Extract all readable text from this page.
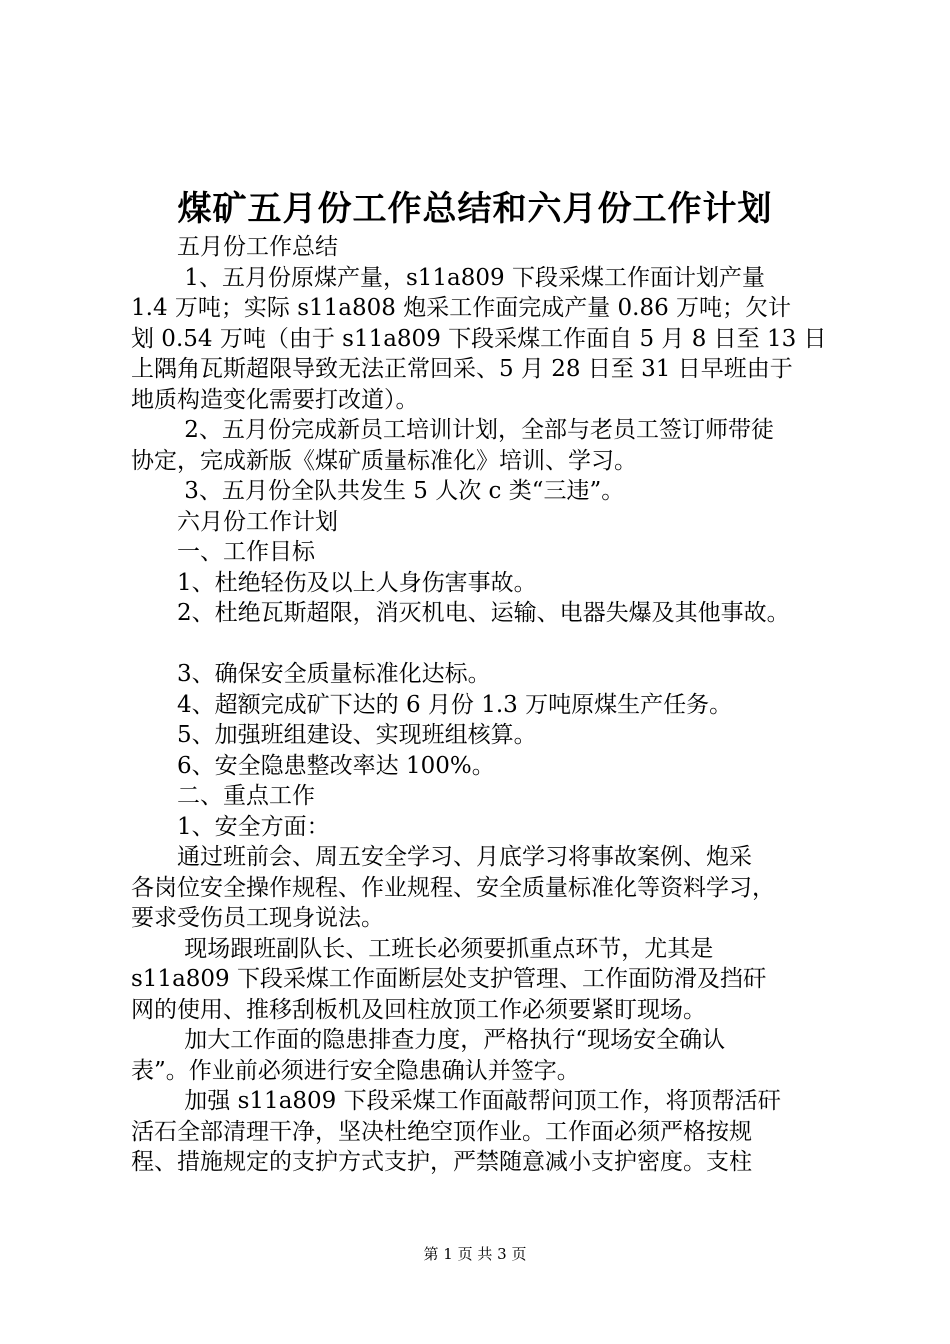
煤矿五月份工作总结和六月份工作计划
　　五月份工作总结
　　 1、五月份原煤产量，s11a809 下段采煤工作面计划产量
1.4 万吨；实际 s11a808 炮采工作面完成产量 0.86 万吨；欠计
划 0.54 万吨（由于 s11a809 下段采煤工作面自 5 月 8 日至 13 日
上隅角瓦斯超限导致无法正常回采、5 月 28 日至 31 日早班由于
地质构造变化需要打改道）。
　　 2、五月份完成新员工培训计划，全部与老员工签订师带徒
协定，完成新版《煤矿质量标准化》培训、学习。
　　 3、五月份全队共发生 5 人次 c 类“三违”。
　　六月份工作计划
　　一、工作目标
　　1、杜绝轻伤及以上人身伤害事故。
　　2、杜绝瓦斯超限，消灭机电、运输、电器失爆及其他事故。
　　3、确保安全质量标准化达标。
　　4、超额完成矿下达的 6 月份 1.3 万吨原煤生产任务。
　　5、加强班组建设、实现班组核算。
　　6、安全隐患整改率达 100%。
　　二、重点工作
　　1、安全方面：
　　通过班前会、周五安全学习、月底学习将事故案例、炮采
各岗位安全操作规程、作业规程、安全质量标准化等资料学习，
要求受伤员工现身说法。
　　 现场跟班副队长、工班长必须要抓重点环节，尤其是
s11a809 下段采煤工作面断层处支护管理、工作面防滑及挡矸
网的使用、推移刮板机及回柱放顶工作必须要紧盯现场。
　　 加大工作面的隐患排查力度，严格执行“现场安全确认
表”。作业前必须进行安全隐患确认并签字。
　　 加强 s11a809 下段采煤工作面敲帮问顶工作，将顶帮活矸
活石全部清理干净，坚决杜绝空顶作业。工作面必须严格按规
程、措施规定的支护方式支护，严禁随意减小支护密度。支柱
第 1 页 共 3 页
